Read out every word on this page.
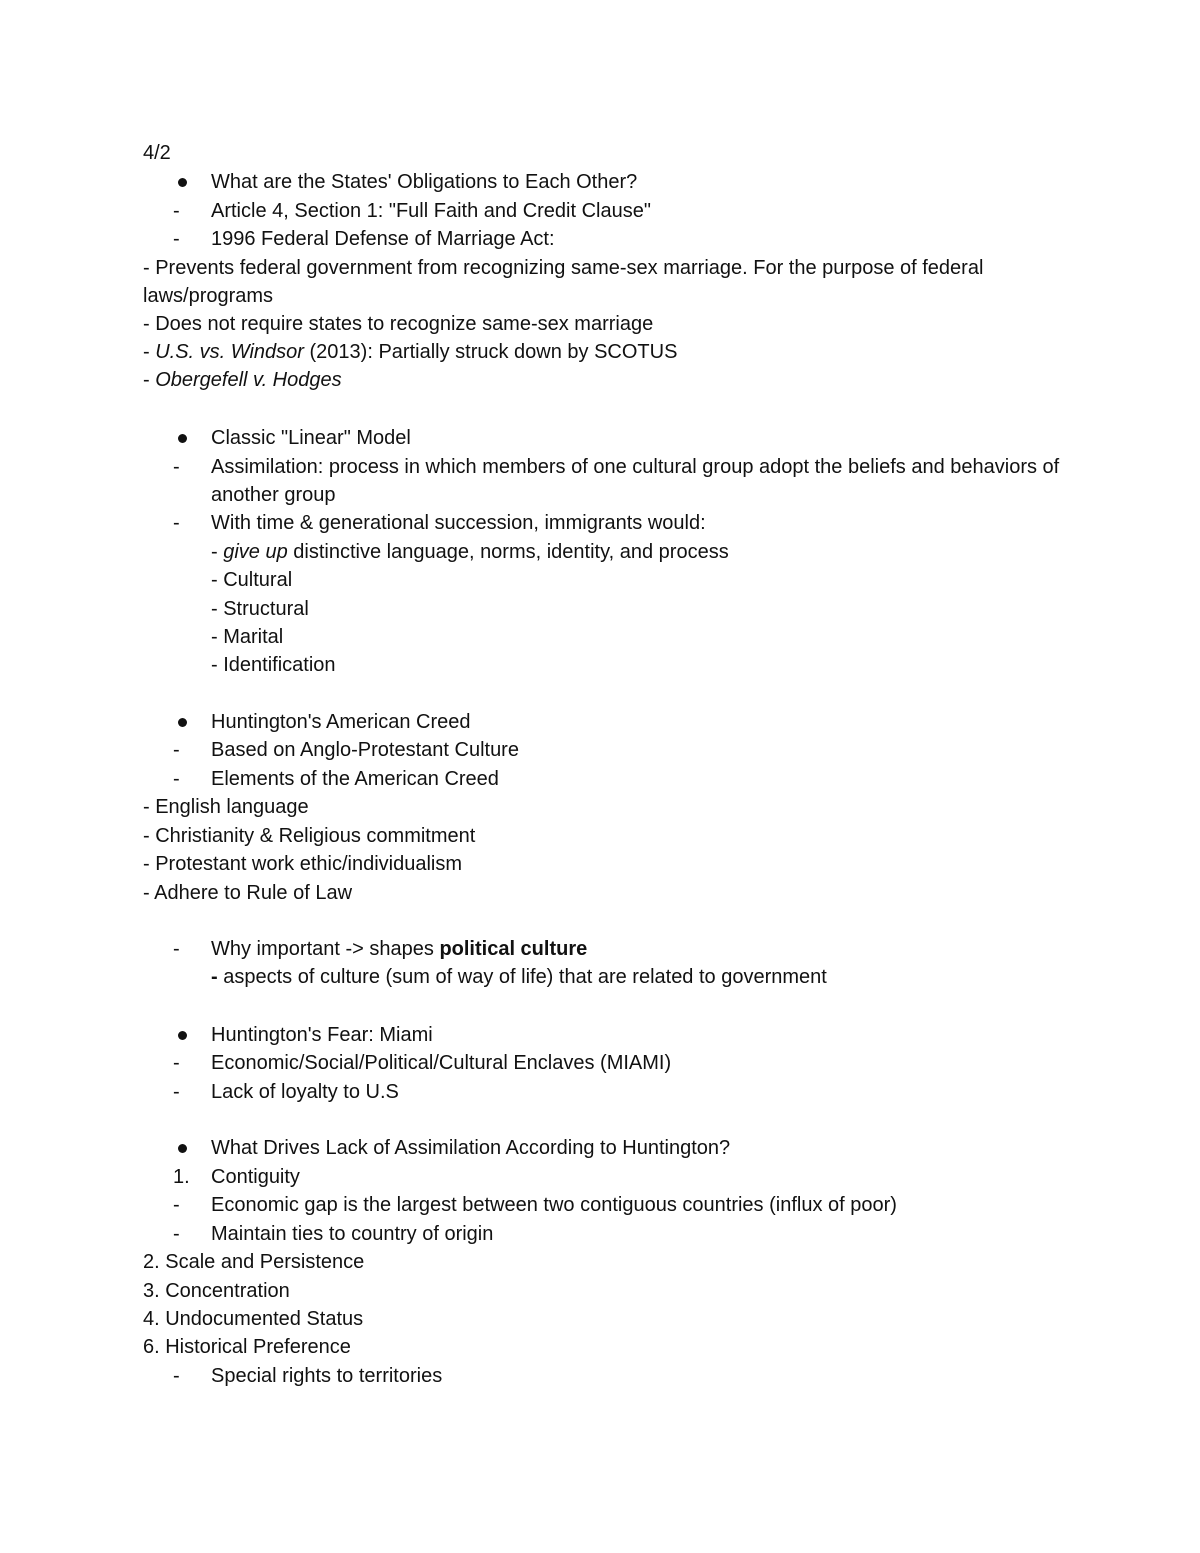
4/2
What are the States' Obligations to Each Other?
-	Article 4, Section 1: "Full Faith and Credit Clause"
-	1996 Federal Defense of Marriage Act:
- Prevents federal government from recognizing same-sex marriage. For the purpose of federal laws/programs
- Does not require states to recognize same-sex marriage
- U.S. vs. Windsor (2013): Partially struck down by SCOTUS
- Obergefell v. Hodges
Classic "Linear" Model
-	Assimilation: process in which members of one cultural group adopt the beliefs and behaviors of another group
-	With time & generational succession, immigrants would:
- give up distinctive language, norms, identity, and process
- Cultural
- Structural
- Marital
- Identification
Huntington's American Creed
-	Based on Anglo-Protestant Culture
-	Elements of the American Creed
- English language
- Christianity & Religious commitment
- Protestant work ethic/individualism
- Adhere to Rule of Law
-	Why important -> shapes political culture
- aspects of culture (sum of way of life) that are related to government
Huntington's Fear: Miami
-	Economic/Social/Political/Cultural Enclaves (MIAMI)
-	Lack of loyalty to U.S
What Drives Lack of Assimilation According to Huntington?
1.	Contiguity
-	Economic gap is the largest between two contiguous countries (influx of poor)
-	Maintain ties to country of origin
2. Scale and Persistence
3. Concentration
4. Undocumented Status
6. Historical Preference
-	Special rights to territories
